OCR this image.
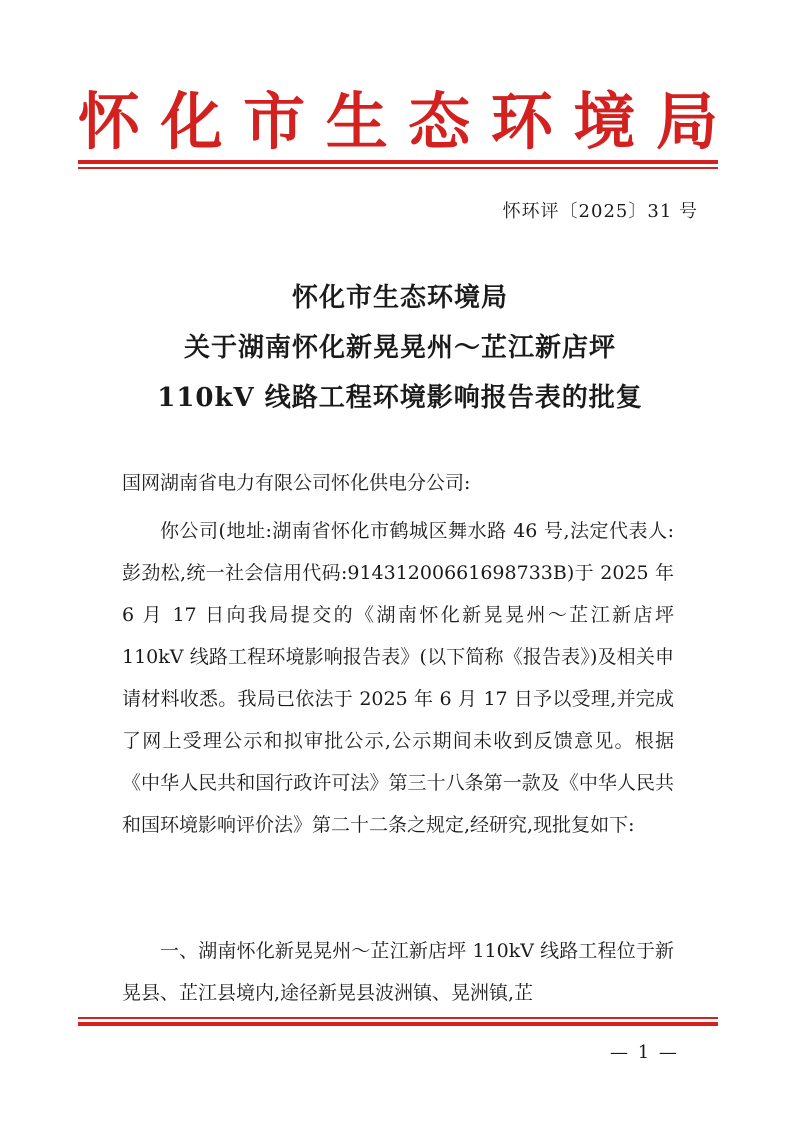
怀 化 市 生 态 环 境 局
怀环评〔2025〕31 号
怀化市生态环境局
关于湖南怀化新晃晃州～芷江新店坪
110kV 线路工程环境影响报告表的批复
国网湖南省电力有限公司怀化供电分公司:
你公司(地址:湖南省怀化市鹤城区舞水路 46 号,法定代表人:彭劲松,统一社会信用代码:91431200661698733B)于 2025 年 6 月 17 日向我局提交的《湖南怀化新晃晃州～芷江新店坪 110kV 线路工程环境影响报告表》(以下简称《报告表》)及相关申请材料收悉。我局已依法于 2025 年 6 月 17 日予以受理,并完成了网上受理公示和拟审批公示,公示期间未收到反馈意见。根据《中华人民共和国行政许可法》第三十八条第一款及《中华人民共和国环境影响评价法》第二十二条之规定,经研究,现批复如下:
一、湖南怀化新晃晃州～芷江新店坪 110kV 线路工程位于新晃县、芷江县境内,途径新晃县波洲镇、晃洲镇,芷
— 1 —
